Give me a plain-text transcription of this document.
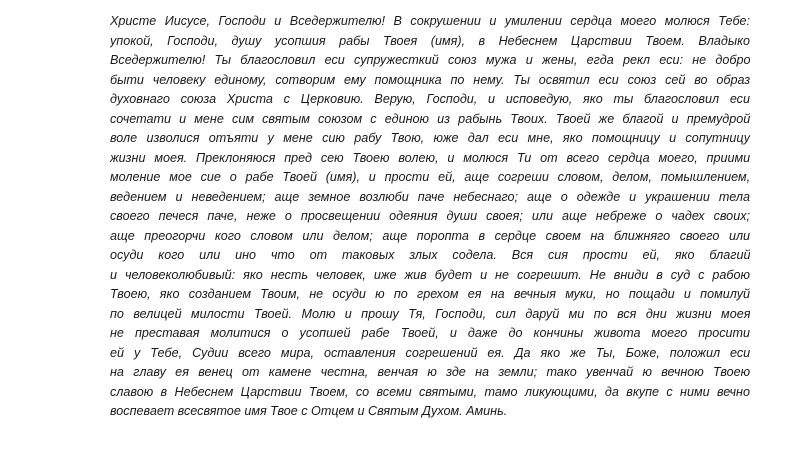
Христе Иисусе, Господи и Вседержителю! В сокрушении и умилении сердца моего молюся Тебе:
упокой, Господи, душу усопшия рабы Твоея (имя), в Небеснем Царствии Твоем. Владыко
Вседержителю! Ты благословил еси супружесткий союз мужа и жены, егда рекл еси: не добро
быти человеку единому, сотворим ему помощника по нему. Ты освятил еси союз сей во образ
духовнаго союза Христа с Церковию. Верую, Господи, и исповедую, яко ты благословил еси
сочетати и мене сим святым союзом с единою из рабынь Твоих. Твоей же благой и премудрой
воле изволися отъяти у мене сию рабу Твою, юже дал еси мне, яко помощницу и сопутницу
жизни моея. Преклоняюся пред сею Твоею волею, и молюся Ти от всего сердца моего, приими
моление мое сие о рабе Твоей (имя), и прости ей, аще согреши словом, делом, помышлением,
ведением и неведением; аще земное возлюби паче небеснаго; аще о одежде и украшении тела
своего печеся паче, неже о просвещении одеяния души своея; или аще небреже о чадех своих;
аще преогорчи кого словом или делом; аще поропта в сердце своем на ближняго своего или
осуди кого или ино что от таковых злых содела. Вся сия прости ей, яко благий
и человеколюбивый: яко несть человек, иже жив будет и не согрешит. Не вниди в суд с рабою
Твоею, яко созданием Твоим, не осуди ю по грехом ея на вечныя муки, но пощади и помилуй
по велицей милости Твоей. Молю и прошу Тя, Господи, сил даруй ми по вся дни жизни моея
не преставая молитися о усопшей рабе Твоей, и даже до кончины живота моего просити
ей у Тебе, Судии всего мира, оставления согрешений ея. Да яко же Ты, Боже, положил еси
на главу ея венец от камене честна, венчая ю зде на земли; тако увенчай ю вечною Твоею
славою в Небеснем Царствии Твоем, со всеми святыми, тамо ликующими, да вкупе с ними вечно
воспевает всесвятое имя Твое с Отцем и Святым Духом. Аминь.
